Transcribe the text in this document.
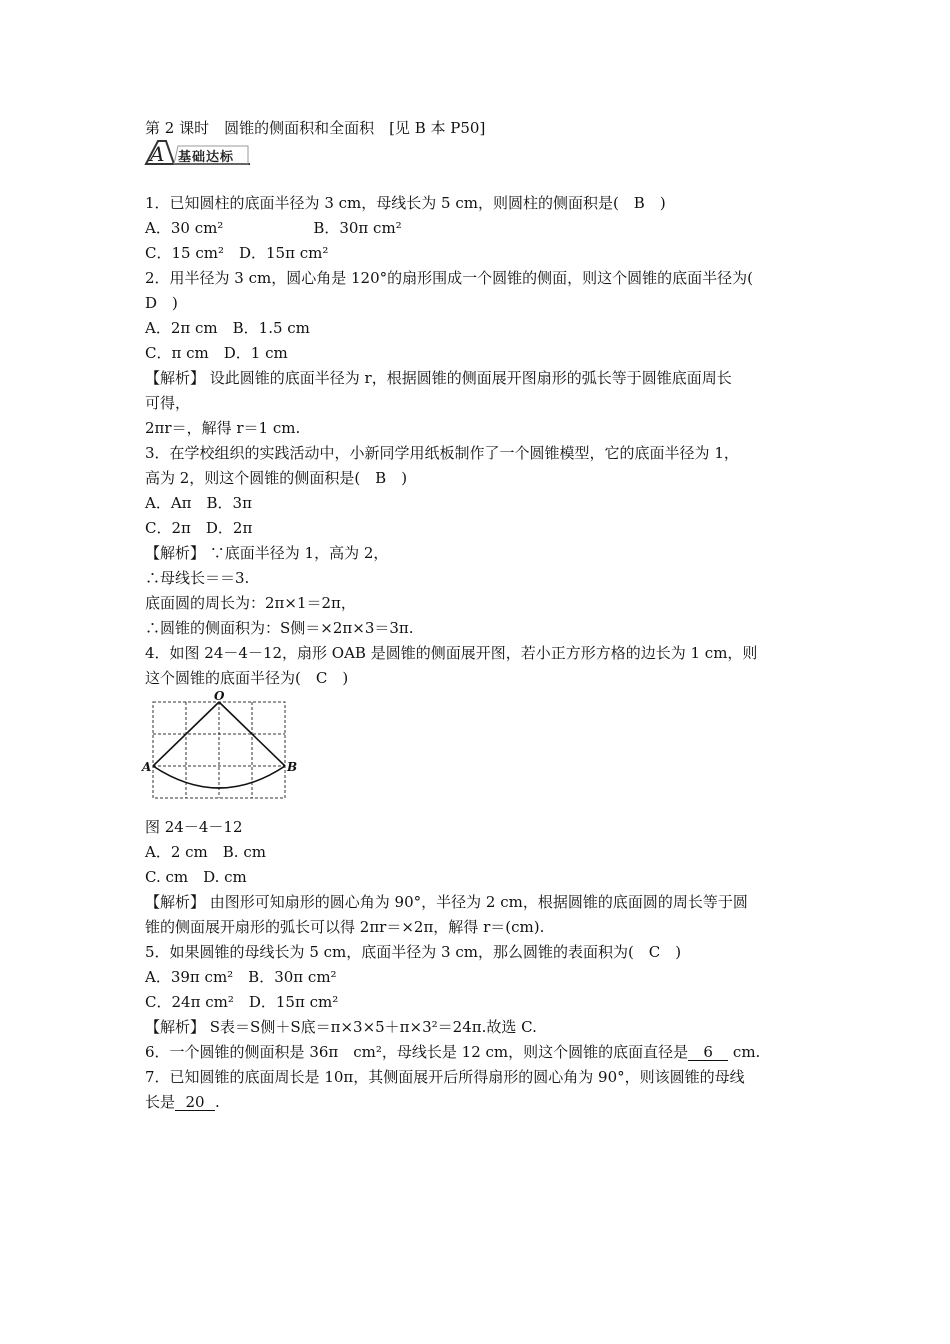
第 2 课时　圆锥的侧面积和全面积　[见 B 本 P50]
A 基础达标
1．已知圆柱的底面半径为 3 cm，母线长为 5 cm，则圆柱的侧面积是(　B　)
A．30 cm²　　　　　　B．30π cm²
C．15 cm²　D．15π cm²
2．用半径为 3 cm，圆心角是 120°的扇形围成一个圆锥的侧面，则这个圆锥的底面半径为(
D　)
A．2π cm　B．1.5 cm
C．π cm　D．1 cm
【解析】 设此圆锥的底面半径为 r，根据圆锥的侧面展开图扇形的弧长等于圆锥底面周长
可得，
2πr＝，解得 r＝1 cm.
3．在学校组织的实践活动中，小新同学用纸板制作了一个圆锥模型，它的底面半径为 1，
高为 2，则这个圆锥的侧面积是(　B　)
A．Aπ　B．3π
C．2π　D．2π
【解析】 ∵底面半径为 1，高为 2，
∴母线长＝＝3.
底面圆的周长为：2π×1＝2π，
∴圆锥的侧面积为：S侧＝×2π×3＝3π.
4．如图 24－4－12，扇形 OAB 是圆锥的侧面展开图，若小正方形方格的边长为 1 cm，则
这个圆锥的底面半径为(　C　)
O
A	B
图 24－4－12
A．2 cm　B. cm
C. cm　D. cm
【解析】 由图形可知扇形的圆心角为 90°，半径为 2 cm，根据圆锥的底面圆的周长等于圆
锥的侧面展开扇形的弧长可以得 2πr＝×2π，解得 r＝(cm).
5．如果圆锥的母线长为 5 cm，底面半径为 3 cm，那么圆锥的表面积为(　C　)
A．39π cm²　B．30π cm²
C．24π cm²　D．15π cm²
【解析】 S表＝S侧＋S底＝π×3×5＋π×3²＝24π.故选 C.
6．一个圆锥的侧面积是 36π　cm²，母线长是 12 cm，则这个圆锥的底面直径是 6 cm.
7．已知圆锥的底面周长是 10π，其侧面展开后所得扇形的圆心角为 90°，则该圆锥的母线
长是 20 .
